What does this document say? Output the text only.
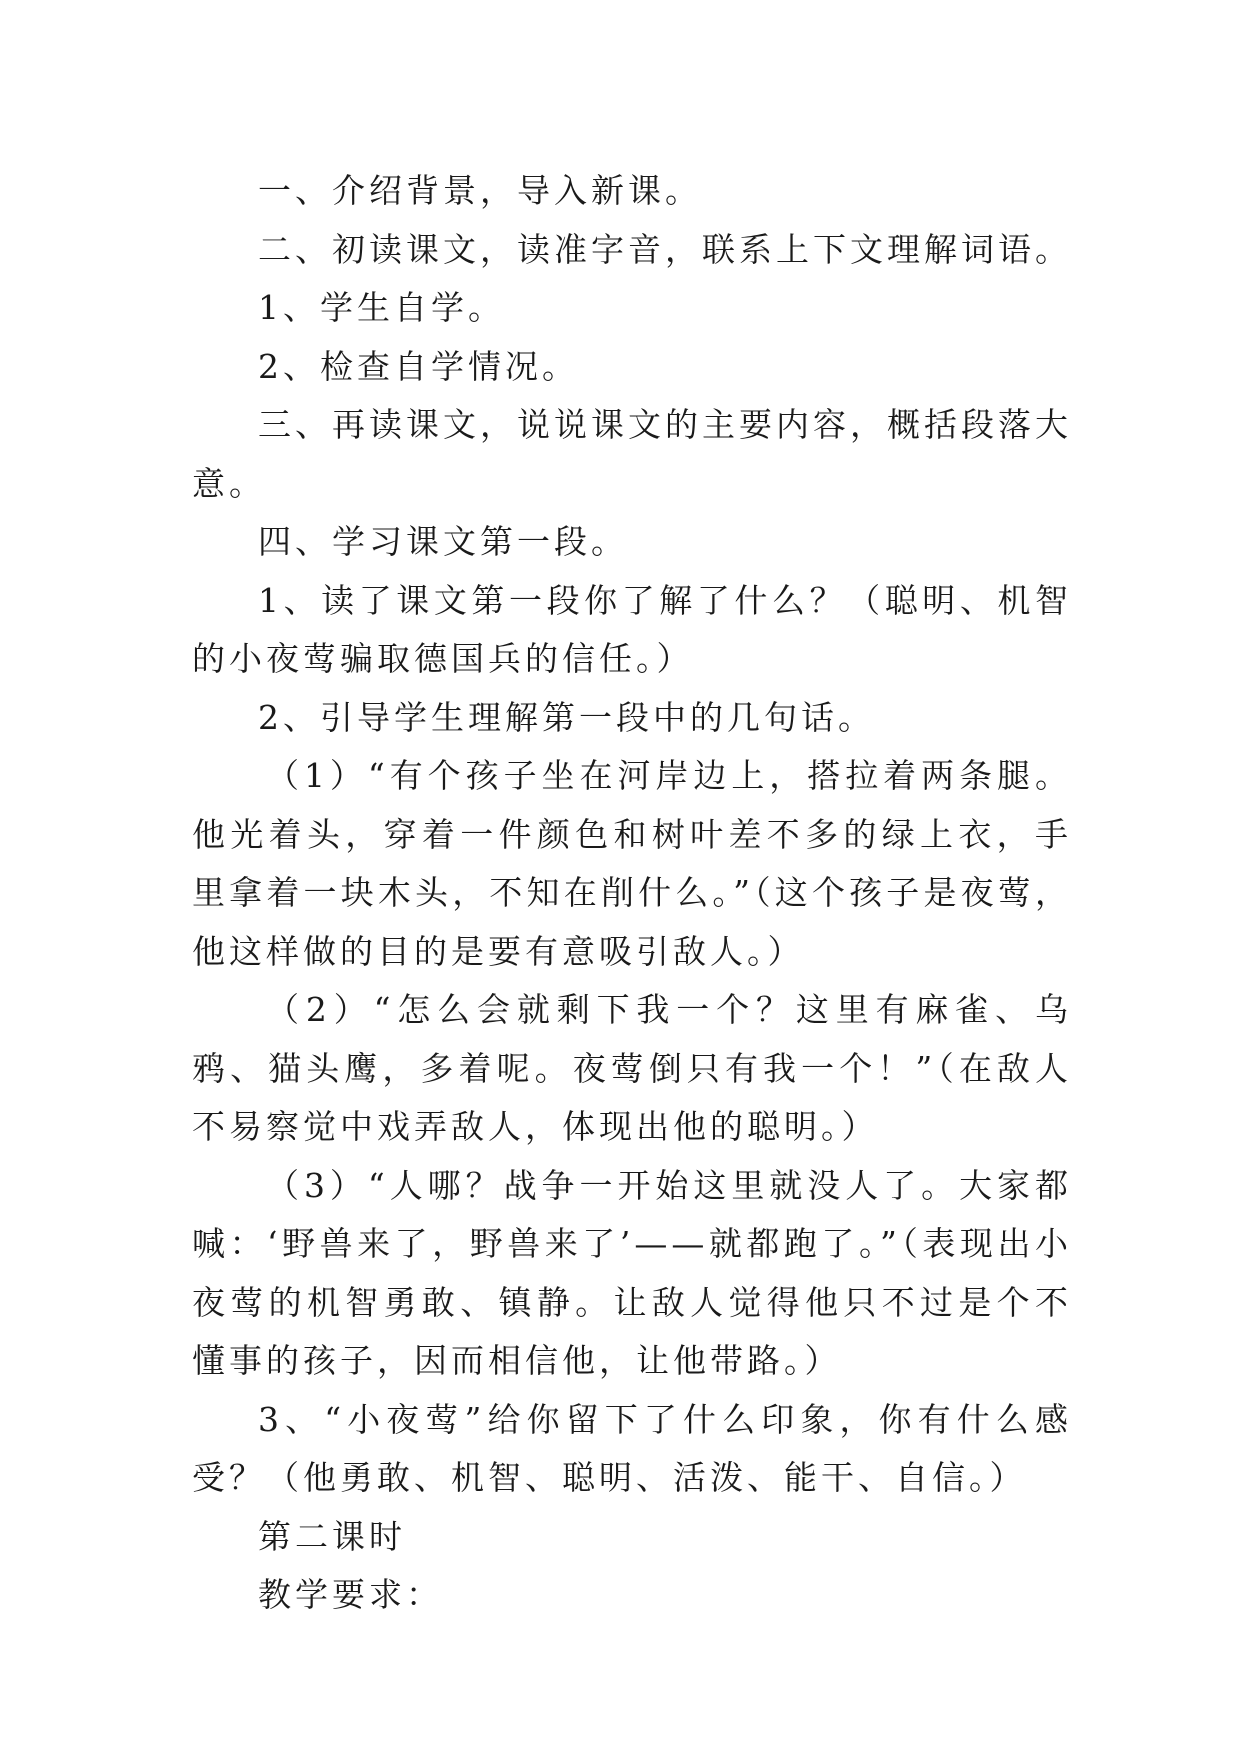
一、介绍背景，导入新课。

二、初读课文，读准字音，联系上下文理解词语。

1、学生自学。

2、检查自学情况。

三、再读课文，说说课文的主要内容，概括段落大意。

四、学习课文第一段。

1、读了课文第一段你了解了什么？（聪明、机智的小夜莺骗取德国兵的信任。）

2、引导学生理解第一段中的几句话。

（1）“有个孩子坐在河岸边上，搭拉着两条腿。他光着头，穿着一件颜色和树叶差不多的绿上衣，手里拿着一块木头，不知在削什么。”（这个孩子是夜莺，他这样做的目的是要有意吸引敌人。）

（2）“怎么会就剩下我一个？这里有麻雀、乌鸦、猫头鹰，多着呢。夜莺倒只有我一个！”（在敌人不易察觉中戏弄敌人，体现出他的聪明。）

（3）“人哪？战争一开始这里就没人了。大家都喊：‘野兽来了，野兽来了’——就都跑了。”（表现出小夜莺的机智勇敢、镇静。让敌人觉得他只不过是个不懂事的孩子，因而相信他，让他带路。）

3、“小夜莺”给你留下了什么印象，你有什么感受？（他勇敢、机智、聪明、活泼、能干、自信。）

第二课时

教学要求：
